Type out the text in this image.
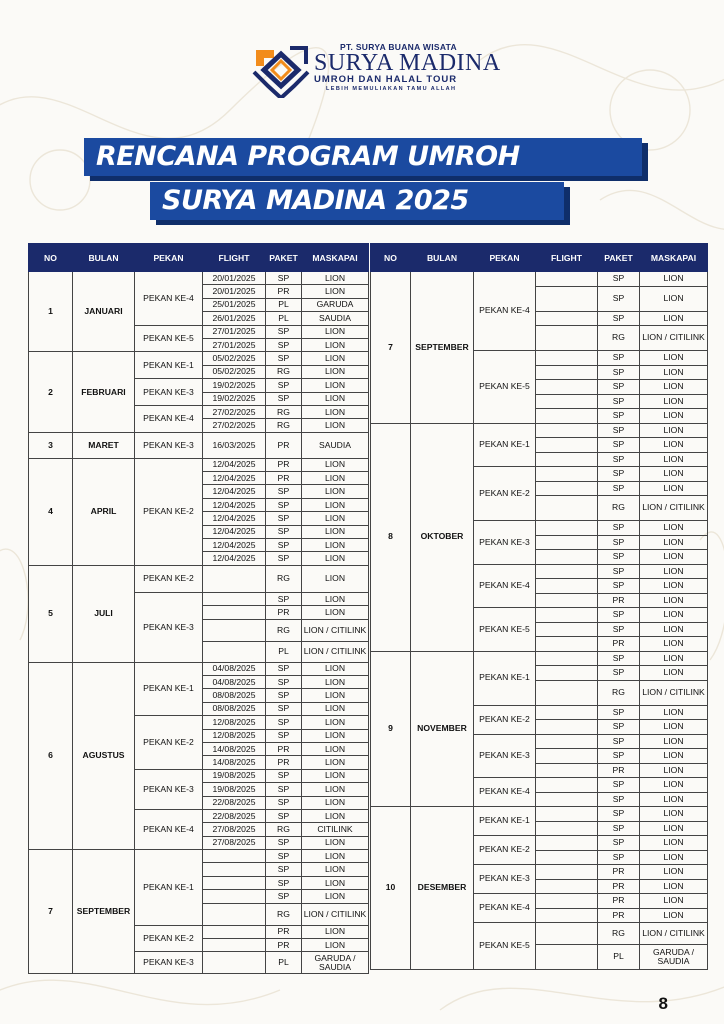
PT. SURYA BUANA WISATA
SURYA MADINA
UMROH DAN HALAL TOUR
LEBIH MEMULIAKAN TAMU ALLAH
RENCANA PROGRAM UMROH
SURYA MADINA 2025
NO	BULAN	PEKAN	FLIGHT	PAKET	MASKAPAI
1	JANUARI	PEKAN KE-4	20/01/2025	SP	LION
			20/01/2025	PR	LION
			25/01/2025	PL	GARUDA
			26/01/2025	PL	SAUDIA
		PEKAN KE-5	27/01/2025	SP	LION
			27/01/2025	SP	LION
2	FEBRUARI	PEKAN KE-1	05/02/2025	SP	LION
			05/02/2025	RG	LION
		PEKAN KE-3	19/02/2025	SP	LION
			19/02/2025	SP	LION
		PEKAN KE-4	27/02/2025	RG	LION
			27/02/2025	RG	LION
3	MARET	PEKAN KE-3	16/03/2025	PR	SAUDIA
4	APRIL	PEKAN KE-2	12/04/2025	PR	LION
			12/04/2025	PR	LION
			12/04/2025	SP	LION
			12/04/2025	SP	LION
			12/04/2025	SP	LION
			12/04/2025	SP	LION
			12/04/2025	SP	LION
			12/04/2025	SP	LION
5	JULI	PEKAN KE-2		RG	LION
		PEKAN KE-3		SP	LION
				PR	LION
				RG	LION / CITILINK
				PL	LION / CITILINK
6	AGUSTUS	PEKAN KE-1	04/08/2025	SP	LION
			04/08/2025	SP	LION
			08/08/2025	SP	LION
			08/08/2025	SP	LION
		PEKAN KE-2	12/08/2025	SP	LION
			12/08/2025	SP	LION
			14/08/2025	PR	LION
			14/08/2025	PR	LION
		PEKAN KE-3	19/08/2025	SP	LION
			19/08/2025	SP	LION
			22/08/2025	SP	LION
		PEKAN KE-4	22/08/2025	SP	LION
			27/08/2025	RG	CITILINK
			27/08/2025	SP	LION
7	SEPTEMBER	PEKAN KE-1		SP	LION
				SP	LION
				SP	LION
				SP	LION
				RG	LION / CITILINK
		PEKAN KE-2		PR	LION
				PR	LION
		PEKAN KE-3		PL	GARUDA / SAUDIA
NO	BULAN	PEKAN	FLIGHT	PAKET	MASKAPAI
7	SEPTEMBER	PEKAN KE-4		SP	LION
				SP	LION
				SP	LION
				RG	LION / CITILINK
		PEKAN KE-5		SP	LION
				SP	LION
				SP	LION
				SP	LION
				SP	LION
8	OKTOBER	PEKAN KE-1		SP	LION
				SP	LION
				SP	LION
		PEKAN KE-2		SP	LION
				SP	LION
				RG	LION / CITILINK
		PEKAN KE-3		SP	LION
				SP	LION
				SP	LION
		PEKAN KE-4		SP	LION
				SP	LION
				PR	LION
		PEKAN KE-5		SP	LION
				SP	LION
				PR	LION
9	NOVEMBER	PEKAN KE-1		SP	LION
				SP	LION
				RG	LION / CITILINK
		PEKAN KE-2		SP	LION
				SP	LION
		PEKAN KE-3		SP	LION
				SP	LION
				PR	LION
		PEKAN KE-4		SP	LION
				SP	LION
10	DESEMBER	PEKAN KE-1		SP	LION
				SP	LION
		PEKAN KE-2		SP	LION
				SP	LION
		PEKAN KE-3		PR	LION
				PR	LION
		PEKAN KE-4		PR	LION
				PR	LION
		PEKAN KE-5		RG	LION / CITILINK
				PL	GARUDA / SAUDIA
8
